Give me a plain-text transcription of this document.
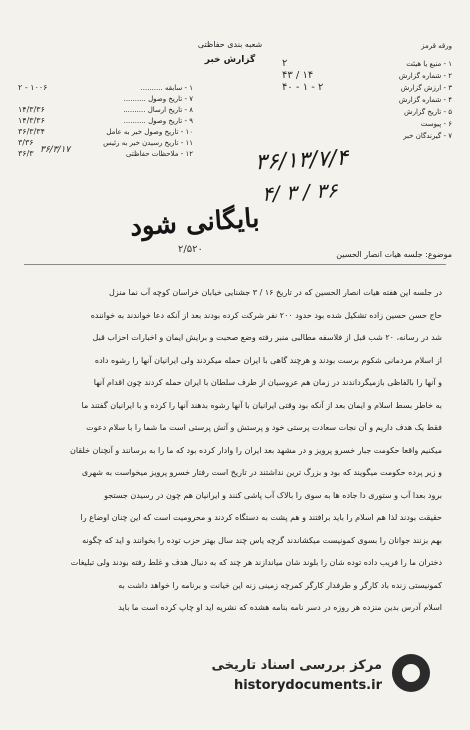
شعبه بندی حفاظتی
گزارش خبر
ورقه قرمز
۱ - منبع یا هیئت
۲
۲ - شماره گزارش
۴۳ / ۱۴
۳ - ارزش گزارش
۴۰ - ۱ - ۲
۴ - شماره گزارش
۵ - تاریخ گزارش
۶ - پیوست
۷ - گیرندگان خبر
۱ - سابقه ..........
۲ - ۱۰۰۶
۷ - تاریخ وصول ..........
۸ - تاریخ ارسال ..........
۱۴/۳/۳۶
۹ - تاریخ وصول ..........
۱۴/۳/۳۶
۱۰ - تاریخ وصول خبر به عامل
۳۶/۳/۳۴
۱۱ - تاریخ رسیدن خبر به رئیس
۳/۳۶
۱۲ - ملاحظات حفاظتی
۳۶/۳	۳۶/۱۳/۷/۴
۴/ ۳ / ۳۶
۳۶/۳/۱۷
بایگانی شود
۲/۵۲۰	موضوع: جلسه هیات انصار الحسین
در جلسه این هفته هیات انصار الحسین که در تاریخ ۱۶ / ۳ جشنایی خیابان خراسان کوچه آب نما منزل
حاج حسن حسین زاده تشکیل شده بود حدود ۲۰۰ نفر شرکت کرده بودند بعد از آنکه دعا خواندند به خواننده
شد در رسانه، ۲۰ شب قبل از فلاسفه مطالبی منبر رفته وضع صحبت و برایش ایمان و اخبارات احزاب قبل
از اسلام مردمانی شکوم برست بودند و هرچند گاهی با ایران حمله میکردند ولی ایرانیان آنها را رشوه داده
و آنها را بالفاظی بازمیگرداندند در زمان هم عروسیان از طرف سلطان با ایران حمله کردند چون اقدام آنها
به خاطر بسط اسلام و ایمان بعد از آنکه بود وقتی ایرانیان با آنها رشوه بدهند آنها را کرده و با ایرانیان گفتند ما
فقط یک هدف داریم و آن نجات سعادت پرستی خود و پرستش و آتش پرستی است ما شما را با سلام دعوت
میکنیم واقعا حکومت جبار خسرو پرویز و در مشهد بعد ایران را وادار کرده بود که ما را به برسانند و آنچنان خلقان
و زیر پرده حکومت میگویند که بود و بزرگ ترین نداشتند در تاریخ است رفتار خسرو پرویز میخواست به شهری
برود بعدا آب و ستوری دا جاده ها به سوی را بالاک آب پاشی کنند و ایرانیان هم چون در رسیدن جستجو
حقیقت بودند لذا هم اسلام را باید برافتند و هم پشت به دستگاه کردند و محرومیت است که این چنان اوضاع را
بهم بزنند جوانان را بسوی کمونیست میکشاندند گرچه یاس چند سال بهتر حزب توده را بخوانند و اید که چگونه
دختران ما را فریب داده توده شان را بلوند شان میاندازند هر چند که به دنبال هدف و غلط رفته بودند ولی تبلیغات
کمونیستی زنده باد کارگر و طرفدار کارگر کمرچه زمینی زنه این خیانت و برنامه را خواهد داشت به
اسلام آدرس بدین منزده هر روزه در دسر نامه بنامه هشده که نشریه اید او چاپ کرده است ما باید
مرکز بررسی اسناد تاریخی
historydocuments.ir
